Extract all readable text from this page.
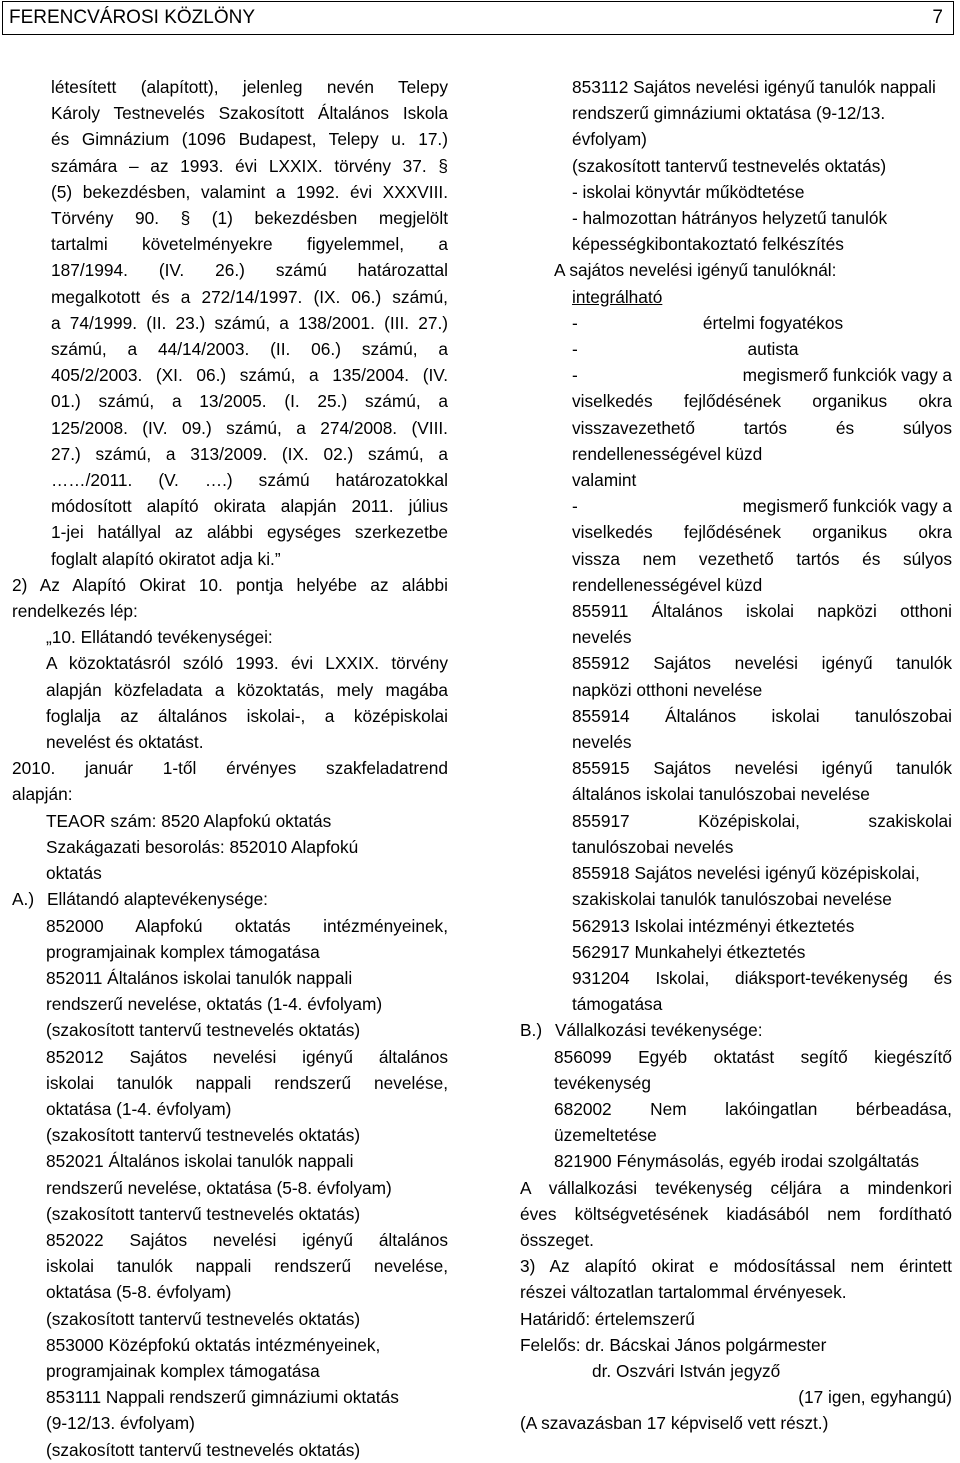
FERENCVÁROSI KÖZLÖNY	7

létesített (alapított), jelenleg nevén Telepy

Károly Testnevelés Szakosított Általános Iskola

és Gimnázium (1096 Budapest, Telepy u. 17.)

számára – az 1993. évi LXXIX. törvény 37. §

(5) bekezdésben, valamint a 1992. évi XXXVIII.

Törvény 90. § (1) bekezdésben megjelölt

tartalmi követelményekre figyelemmel, a

187/1994. (IV. 26.) számú határozattal

megalkotott és a 272/14/1997. (IX. 06.) számú,

a 74/1999. (II. 23.) számú, a 138/2001. (III. 27.)

számú, a 44/14/2003. (II. 06.) számú, a

405/2/2003. (XI. 06.) számú, a 135/2004. (IV.

01.) számú, a 13/2005. (I. 25.) számú, a

125/2008. (IV. 09.) számú, a 274/2008. (VIII.

27.) számú, a 313/2009. (IX. 02.) számú, a

……/2011. (V. ….) számú határozatokkal

módosított alapító okirata alapján 2011. július

1-jei hatállyal az alábbi egységes szerkezetbe

foglalt alapító okiratot adja ki.”

2) Az Alapító Okirat 10. pontja helyébe az alábbi

rendelkezés lép:

„10. Ellátandó tevékenységei:

A közoktatásról szóló 1993. évi LXXIX. törvény

alapján közfeladata a közoktatás, mely magába

foglalja az általános iskolai-, a középiskolai

nevelést és oktatást.

2010. január 1-től érvényes szakfeladatrend

alapján:

TEAOR szám: 8520 Alapfokú oktatás

Szakágazati besorolás: 852010 Alapfokú

oktatás

A.) Ellátandó alaptevékenysége:

852000 Alapfokú oktatás intézményeinek,

programjainak komplex támogatása

852011 Általános iskolai tanulók nappali

rendszerű nevelése, oktatás (1-4. évfolyam)

(szakosított tantervű testnevelés oktatás)

852012 Sajátos nevelési igényű általános

iskolai tanulók nappali rendszerű nevelése,

oktatása (1-4. évfolyam)

(szakosított tantervű testnevelés oktatás)

852021 Általános iskolai tanulók nappali

rendszerű nevelése, oktatása (5-8. évfolyam)

(szakosított tantervű testnevelés oktatás)

852022 Sajátos nevelési igényű általános

iskolai tanulók nappali rendszerű nevelése,

oktatása (5-8. évfolyam)

(szakosított tantervű testnevelés oktatás)

853000 Középfokú oktatás intézményeinek,

programjainak komplex támogatása

853111 Nappali rendszerű gimnáziumi oktatás

(9-12/13. évfolyam)

(szakosított tantervű testnevelés oktatás)

853112 Sajátos nevelési igényű tanulók nappali

rendszerű gimnáziumi oktatása (9-12/13.

évfolyam)

(szakosított tantervű testnevelés oktatás)

- iskolai könyvtár működtetése

- halmozottan hátrányos helyzetű tanulók

képességkibontakoztató felkészítés

A sajátos nevelési igényű tanulóknál:

integrálható

-	értelmi fogyatékos
-	autista
-	megismerő funkciók vagy a

viselkedés fejlődésének organikus okra

visszavezethető tartós és súlyos

rendellenességével küzd

valamint

-	megismerő funkciók vagy a

viselkedés fejlődésének organikus okra

vissza nem vezethető tartós és súlyos

rendellenességével küzd

855911 Általános iskolai napközi otthoni

nevelés

855912 Sajátos nevelési igényű tanulók

napközi otthoni nevelése

855914 Általános iskolai tanulószobai

nevelés

855915 Sajátos nevelési igényű tanulók

általános iskolai tanulószobai nevelése

855917 Középiskolai, szakiskolai

tanulószobai nevelés

855918 Sajátos nevelési igényű középiskolai,

szakiskolai tanulók tanulószobai nevelése

562913 Iskolai intézményi étkeztetés

562917 Munkahelyi étkeztetés

931204 Iskolai, diáksport-tevékenység és

támogatása

B.) Vállalkozási tevékenysége:

856099 Egyéb oktatást segítő kiegészítő

tevékenység

682002 Nem lakóingatlan bérbeadása,

üzemeltetése

821900 Fénymásolás, egyéb irodai szolgáltatás

A vállalkozási tevékenység céljára a mindenkori

éves költségvetésének kiadásából nem fordítható

összeget.

3) Az alapító okirat e módosítással nem érintett

részei változatlan tartalommal érvényesek.

Határidő: értelemszerű

Felelős: dr. Bácskai János polgármester

dr. Oszvári István jegyző

(17 igen, egyhangú)

(A szavazásban 17 képviselő vett részt.)
